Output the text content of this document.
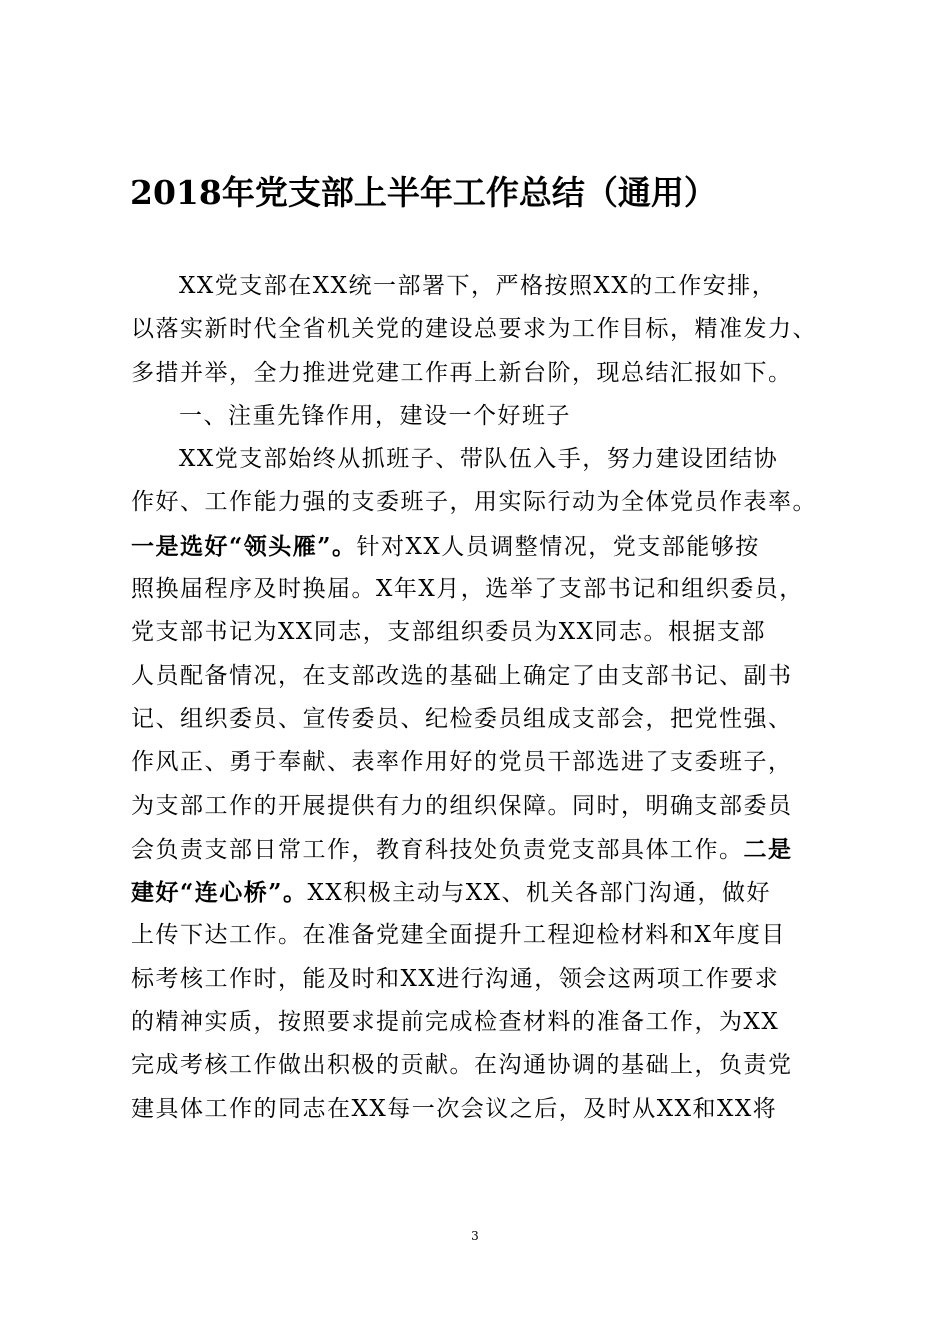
2018年党支部上半年工作总结（通用）
XX党支部在XX统一部署下，严格按照XX的工作安排，
以落实新时代全省机关党的建设总要求为工作目标，精准发力、
多措并举，全力推进党建工作再上新台阶，现总结汇报如下。
一、注重先锋作用，建设一个好班子
XX党支部始终从抓班子、带队伍入手，努力建设团结协
作好、工作能力强的支委班子，用实际行动为全体党员作表率。
一是选好“领头雁”。针对XX人员调整情况，党支部能够按
照换届程序及时换届。X年X月，选举了支部书记和组织委员，
党支部书记为XX同志，支部组织委员为XX同志。根据支部
人员配备情况，在支部改选的基础上确定了由支部书记、副书
记、组织委员、宣传委员、纪检委员组成支部会，把党性强、
作风正、勇于奉献、表率作用好的党员干部选进了支委班子，
为支部工作的开展提供有力的组织保障。同时，明确支部委员
会负责支部日常工作，教育科技处负责党支部具体工作。二是
建好“连心桥”。XX积极主动与XX、机关各部门沟通，做好
上传下达工作。在准备党建全面提升工程迎检材料和X年度目
标考核工作时，能及时和XX进行沟通，领会这两项工作要求
的精神实质，按照要求提前完成检查材料的准备工作，为XX
完成考核工作做出积极的贡献。在沟通协调的基础上，负责党
建具体工作的同志在XX每一次会议之后，及时从XX和XX将
3
